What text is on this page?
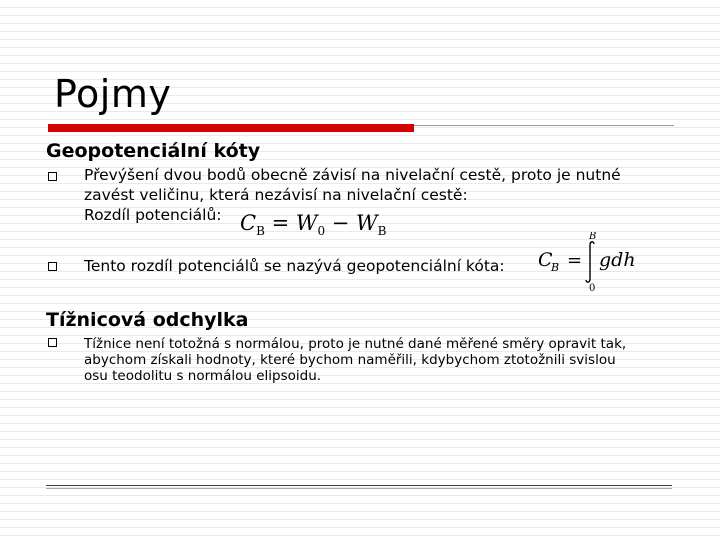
Pojmy
Geopotenciální kóty
Převýšení dvou bodů obecně závisí na nivelační cestě, proto je nutné
zavést veličinu, která nezávisí na nivelační cestě:
Rozdíl potenciálů: $C_B = W_0 - W_B$
Tento rozdíl potenciálů se nazývá geopotenciální kóta:	C
B =
B
0
gdh
Tížnicová odchylka
Tížnice není totožná s normálou, proto je nutné dané měřené směry opravit tak,
abychom získali hodnoty, které bychom naměřili, kdybychom ztotožnili svislou
osu teodolitu s normálou elipsoidu.
